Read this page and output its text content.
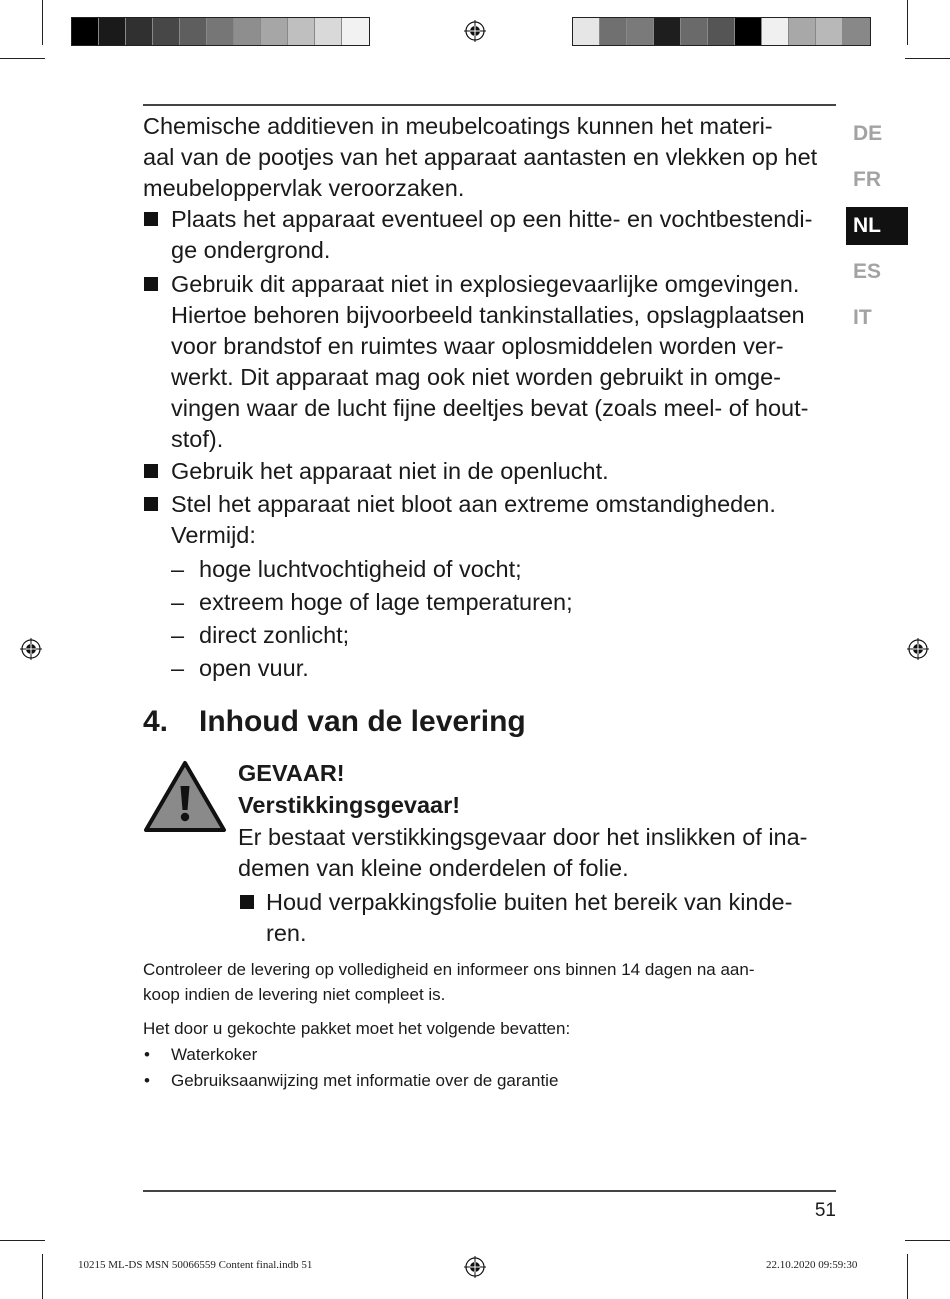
DE
FR
NL
ES
IT
Chemische additieven in meubelcoatings kunnen het materi-
aal van de pootjes van het apparaat aantasten en vlekken op het
meubeloppervlak veroorzaken.
Plaats het apparaat eventueel op een hitte- en vochtbestendi-
ge ondergrond.
Gebruik dit apparaat niet in explosiegevaarlijke omgevingen.
Hiertoe behoren bijvoorbeeld tankinstallaties, opslagplaatsen
voor brandstof en ruimtes waar oplosmiddelen worden ver-
werkt. Dit apparaat mag ook niet worden gebruikt in omge-
vingen waar de lucht fijne deeltjes bevat (zoals meel- of hout-
stof).
Gebruik het apparaat niet in de openlucht.
Stel het apparaat niet bloot aan extreme omstandigheden.
Vermijd:
– hoge luchtvochtigheid of vocht;
– extreem hoge of lage temperaturen;
– direct zonlicht;
– open vuur.
4. Inhoud van de levering
GEVAAR!
Verstikkingsgevaar!
Er bestaat verstikkingsgevaar door het inslikken of ina-
demen van kleine onderdelen of folie.
Houd verpakkingsfolie buiten het bereik van kinde-
ren.
Controleer de levering op volledigheid en informeer ons binnen 14 dagen na aan-
koop indien de levering niet compleet is.
Het door u gekochte pakket moet het volgende bevatten:
• Waterkoker
• Gebruiksaanwijzing met informatie over de garantie
51
10215 ML-DS MSN 50066559 Content final.indb 51	22.10.2020 09:59:30
